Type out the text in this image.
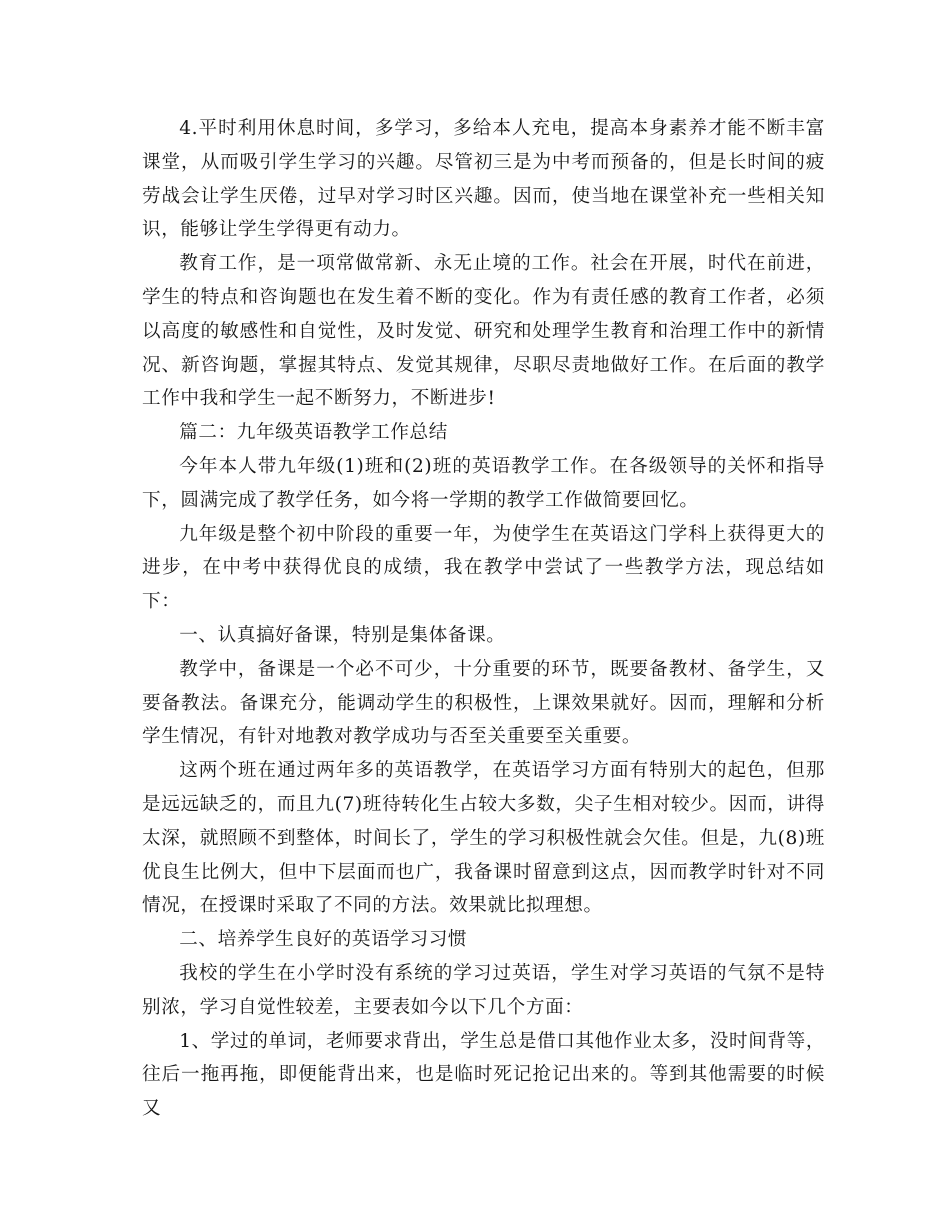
4.平时利用休息时间，多学习，多给本人充电，提高本身素养才能不断丰富课堂，从而吸引学生学习的兴趣。尽管初三是为中考而预备的，但是长时间的疲劳战会让学生厌倦，过早对学习时区兴趣。因而，使当地在课堂补充一些相关知识，能够让学生学得更有动力。

教育工作，是一项常做常新、永无止境的工作。社会在开展，时代在前进，学生的特点和咨询题也在发生着不断的变化。作为有责任感的教育工作者，必须以高度的敏感性和自觉性，及时发觉、研究和处理学生教育和治理工作中的新情况、新咨询题，掌握其特点、发觉其规律，尽职尽责地做好工作。在后面的教学工作中我和学生一起不断努力，不断进步!

篇二：九年级英语教学工作总结

今年本人带九年级(1)班和(2)班的英语教学工作。在各级领导的关怀和指导下，圆满完成了教学任务，如今将一学期的教学工作做简要回忆。

九年级是整个初中阶段的重要一年，为使学生在英语这门学科上获得更大的进步，在中考中获得优良的成绩，我在教学中尝试了一些教学方法，现总结如下：

一、认真搞好备课，特别是集体备课。

教学中，备课是一个必不可少，十分重要的环节，既要备教材、备学生，又要备教法。备课充分，能调动学生的积极性，上课效果就好。因而，理解和分析学生情况，有针对地教对教学成功与否至关重要至关重要。

这两个班在通过两年多的英语教学，在英语学习方面有特别大的起色，但那是远远缺乏的，而且九(7)班待转化生占较大多数，尖子生相对较少。因而，讲得太深，就照顾不到整体，时间长了，学生的学习积极性就会欠佳。但是，九(8)班优良生比例大，但中下层面而也广，我备课时留意到这点，因而教学时针对不同情况，在授课时采取了不同的方法。效果就比拟理想。

二、培养学生良好的英语学习习惯

我校的学生在小学时没有系统的学习过英语，学生对学习英语的气氛不是特别浓，学习自觉性较差，主要表如今以下几个方面：

1、学过的单词，老师要求背出，学生总是借口其他作业太多，没时间背等，往后一拖再拖，即便能背出来，也是临时死记抢记出来的。等到其他需要的时候又
